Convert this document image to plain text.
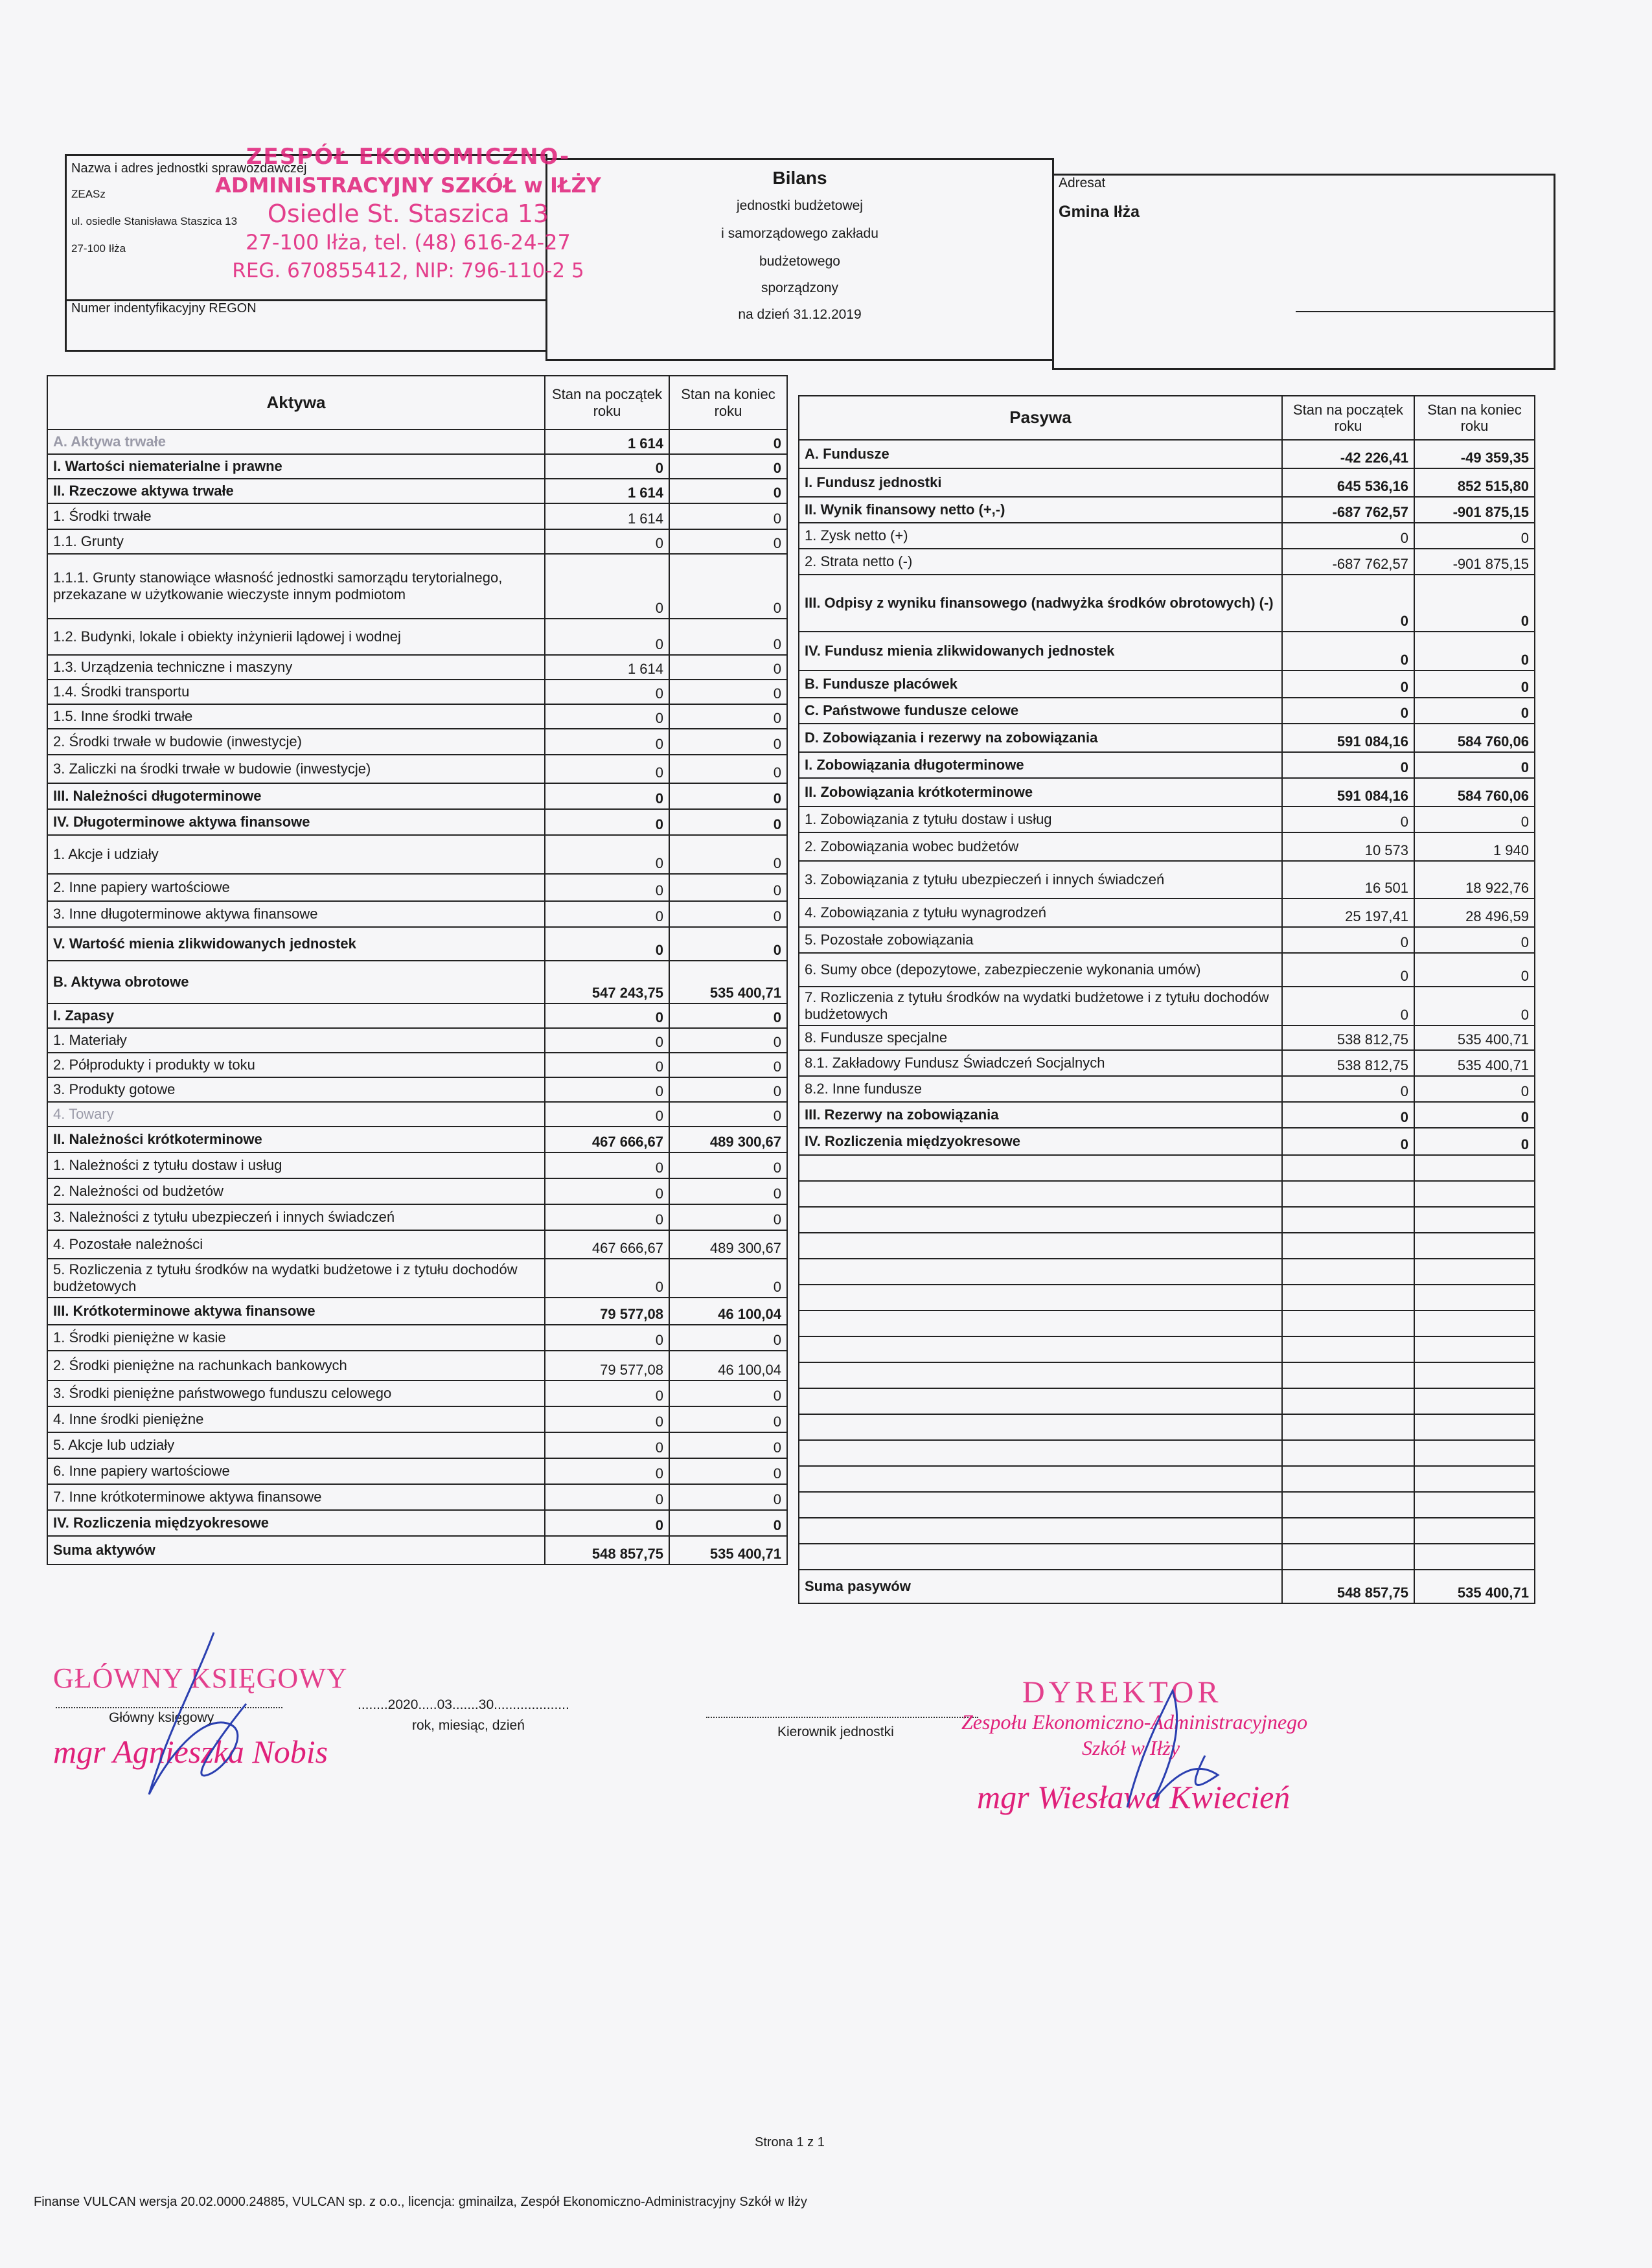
Nazwa i adres jednostki sprawozdawczej
ZEASz
ul. osiedle Stanisława Staszica 13
27-100 Iłża
Numer indentyfikacyjny REGON
Bilans
jednostki budżetowej
i samorządowego zakładu
budżetowego
sporządzony
na dzień 31.12.2019
Adresat
Gmina Iłża
ZESPÓŁ EKONOMICZNO-
ADMINISTRACYJNY SZKÓŁ w IŁŻY
Osiedle St. Staszica 13
27-100 Iłża, tel. (48) 616-24-27
REG. 670855412, NIP: 796-110-2 5
Aktywa	Stan na początek roku	Stan na koniec roku
A. Aktywa trwałe	1 614	0
I. Wartości niematerialne i prawne	0	0
II. Rzeczowe aktywa trwałe	1 614	0
1. Środki trwałe	1 614	0
1.1. Grunty	0	0
1.1.1. Grunty stanowiące własność jednostki samorządu terytorialnego, przekazane w użytkowanie wieczyste innym podmiotom	0	0
1.2. Budynki, lokale i obiekty inżynierii lądowej i wodnej	0	0
1.3. Urządzenia techniczne i maszyny	1 614	0
1.4. Środki transportu	0	0
1.5. Inne środki trwałe	0	0
2. Środki trwałe w budowie (inwestycje)	0	0
3. Zaliczki na środki trwałe w budowie (inwestycje)	0	0
III. Należności długoterminowe	0	0
IV. Długoterminowe aktywa finansowe	0	0
1. Akcje i udziały	0	0
2. Inne papiery wartościowe	0	0
3. Inne długoterminowe aktywa finansowe	0	0
V. Wartość mienia zlikwidowanych jednostek	0	0
B. Aktywa obrotowe	547 243,75	535 400,71
I. Zapasy	0	0
1. Materiały	0	0
2. Półprodukty i produkty w toku	0	0
3. Produkty gotowe	0	0
4. Towary	0	0
II. Należności krótkoterminowe	467 666,67	489 300,67
1. Należności z tytułu dostaw i usług	0	0
2. Należności od budżetów	0	0
3. Należności z tytułu ubezpieczeń i innych świadczeń	0	0
4. Pozostałe należności	467 666,67	489 300,67
5. Rozliczenia z tytułu środków na wydatki budżetowe i z tytułu dochodów budżetowych	0	0
III. Krótkoterminowe aktywa finansowe	79 577,08	46 100,04
1. Środki pieniężne w kasie	0	0
2. Środki pieniężne na rachunkach bankowych	79 577,08	46 100,04
3. Środki pieniężne państwowego funduszu celowego	0	0
4. Inne środki pieniężne	0	0
5. Akcje lub udziały	0	0
6. Inne papiery wartościowe	0	0
7. Inne krótkoterminowe aktywa finansowe	0	0
IV. Rozliczenia międzyokresowe	0	0
Suma aktywów	548 857,75	535 400,71
Pasywa	Stan na początek roku	Stan na koniec roku
A. Fundusze	-42 226,41	-49 359,35
I. Fundusz jednostki	645 536,16	852 515,80
II. Wynik finansowy netto (+,-)	-687 762,57	-901 875,15
1. Zysk netto (+)	0	0
2. Strata netto (-)	-687 762,57	-901 875,15
III. Odpisy z wyniku finansowego (nadwyżka środków obrotowych) (-)	0	0
IV. Fundusz mienia zlikwidowanych jednostek	0	0
B. Fundusze placówek	0	0
C. Państwowe fundusze celowe	0	0
D. Zobowiązania i rezerwy na zobowiązania	591 084,16	584 760,06
I. Zobowiązania długoterminowe	0	0
II. Zobowiązania krótkoterminowe	591 084,16	584 760,06
1. Zobowiązania z tytułu dostaw i usług	0	0
2. Zobowiązania wobec budżetów	10 573	1 940
3. Zobowiązania z tytułu ubezpieczeń i innych świadczeń	16 501	18 922,76
4. Zobowiązania z tytułu wynagrodzeń	25 197,41	28 496,59
5. Pozostałe zobowiązania	0	0
6. Sumy obce (depozytowe, zabezpieczenie wykonania umów)	0	0
7. Rozliczenia z tytułu środków na wydatki budżetowe i z tytułu dochodów budżetowych	0	0
8. Fundusze specjalne	538 812,75	535 400,71
8.1. Zakładowy Fundusz Świadczeń Socjalnych	538 812,75	535 400,71
8.2. Inne fundusze	0	0
III. Rezerwy na zobowiązania	0	0
IV. Rozliczenia międzyokresowe	0	0

Suma pasywów	548 857,75	535 400,71
GŁÓWNY KSIĘGOWY
Główny księgowy
mgr Agnieszka Nobis
........2020.....03.......30....................
rok, miesiąc, dzień	Kierownik jednostki
DYREKTOR
Zespołu Ekonomiczno-Administracyjnego
Szkół w Iłży
mgr Wiesława Kwiecień
Strona 1 z 1
Finanse VULCAN wersja 20.02.0000.24885, VULCAN sp. z o.o., licencja: gminailza, Zespół Ekonomiczno-Administracyjny Szkół w Iłży
